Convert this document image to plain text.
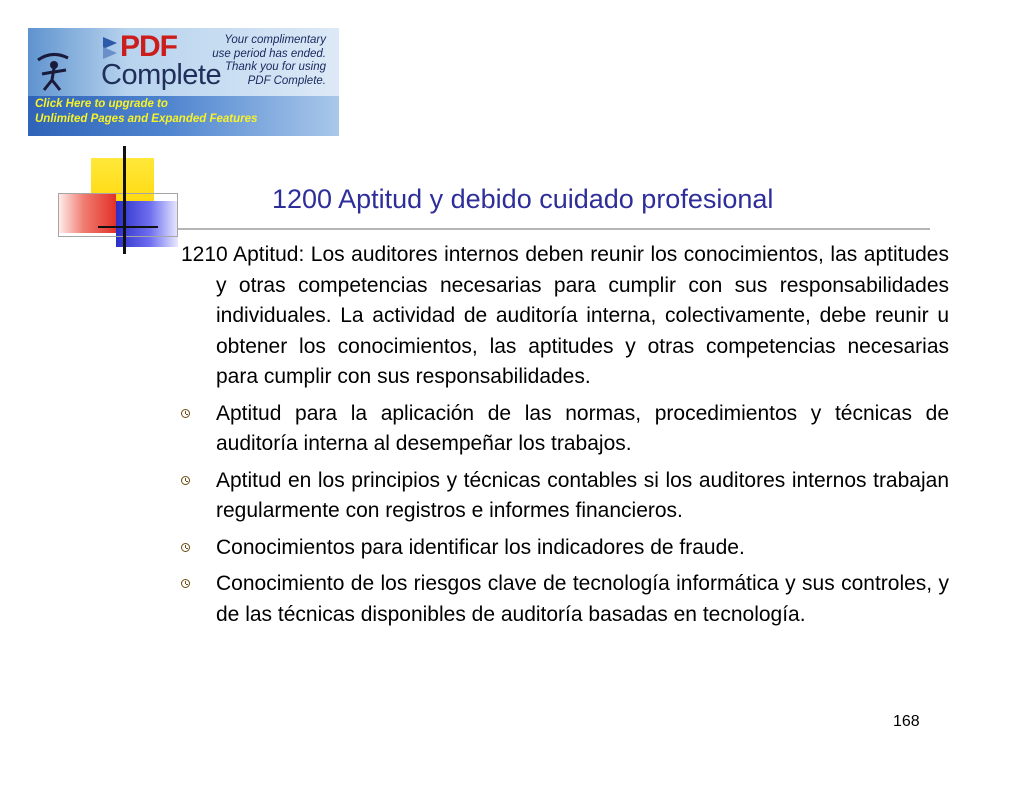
PDF
Complete
Your complimentary
use period has ended.
Thank you for using
PDF Complete.
Click Here to upgrade to
Unlimited Pages and Expanded Features
1200 Aptitud y debido cuidado profesional

1210 Aptitud: Los auditores internos deben reunir los conocimientos, las aptitudes y otras competencias necesarias para cumplir con sus responsabilidades individuales. La actividad de auditoría interna, colectivamente, debe reunir u obtener los conocimientos, las aptitudes y otras competencias necesarias para cumplir con sus responsabilidades.

Aptitud para la aplicación de las normas, procedimientos y técnicas de auditoría interna al desempeñar los trabajos.
Aptitud en los principios y técnicas contables si los auditores internos trabajan regularmente con registros e informes financieros.
Conocimientos para identificar los indicadores de fraude.
Conocimiento de los riesgos clave de tecnología informática y sus controles, y de las técnicas disponibles de auditoría basadas en tecnología.
168
